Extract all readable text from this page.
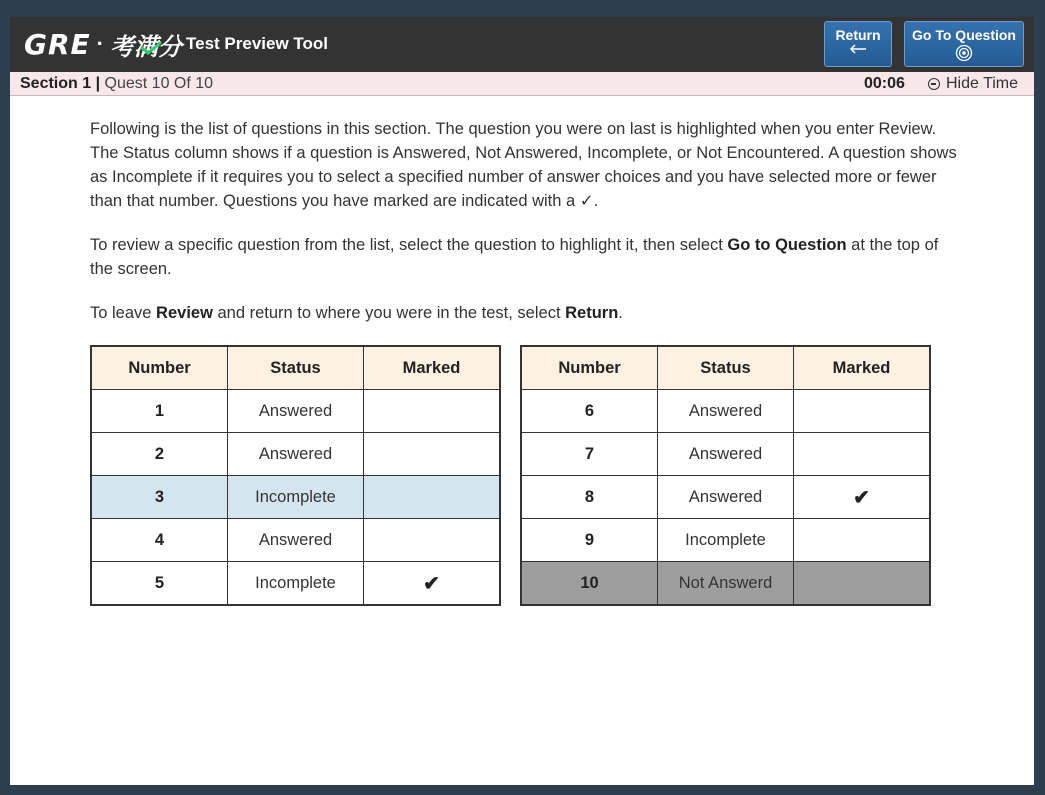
GRE · 考满分 Test Preview Tool	Return	Go To Question
Section 1 | Quest 10 Of 10	00:06	Hide Time

Following is the list of questions in this section. The question you were on last is highlighted when you enter Review. The Status column shows if a question is Answered, Not Answered, Incomplete, or Not Encountered. A question shows as Incomplete if it requires you to select a specified number of answer choices and you have selected more or fewer than that number. Questions you have marked are indicated with a ✓.

To review a specific question from the list, select the question to highlight it, then select Go to Question at the top of the screen.

To leave Review and return to where you were in the test, select Return.

Number	Status	Marked
1	Answered	
2	Answered	
3	Incomplete	
4	Answered	
5	Incomplete	✔
Number	Status	Marked
6	Answered	
7	Answered	
8	Answered	✔
9	Incomplete	
10	Not Answerd	
